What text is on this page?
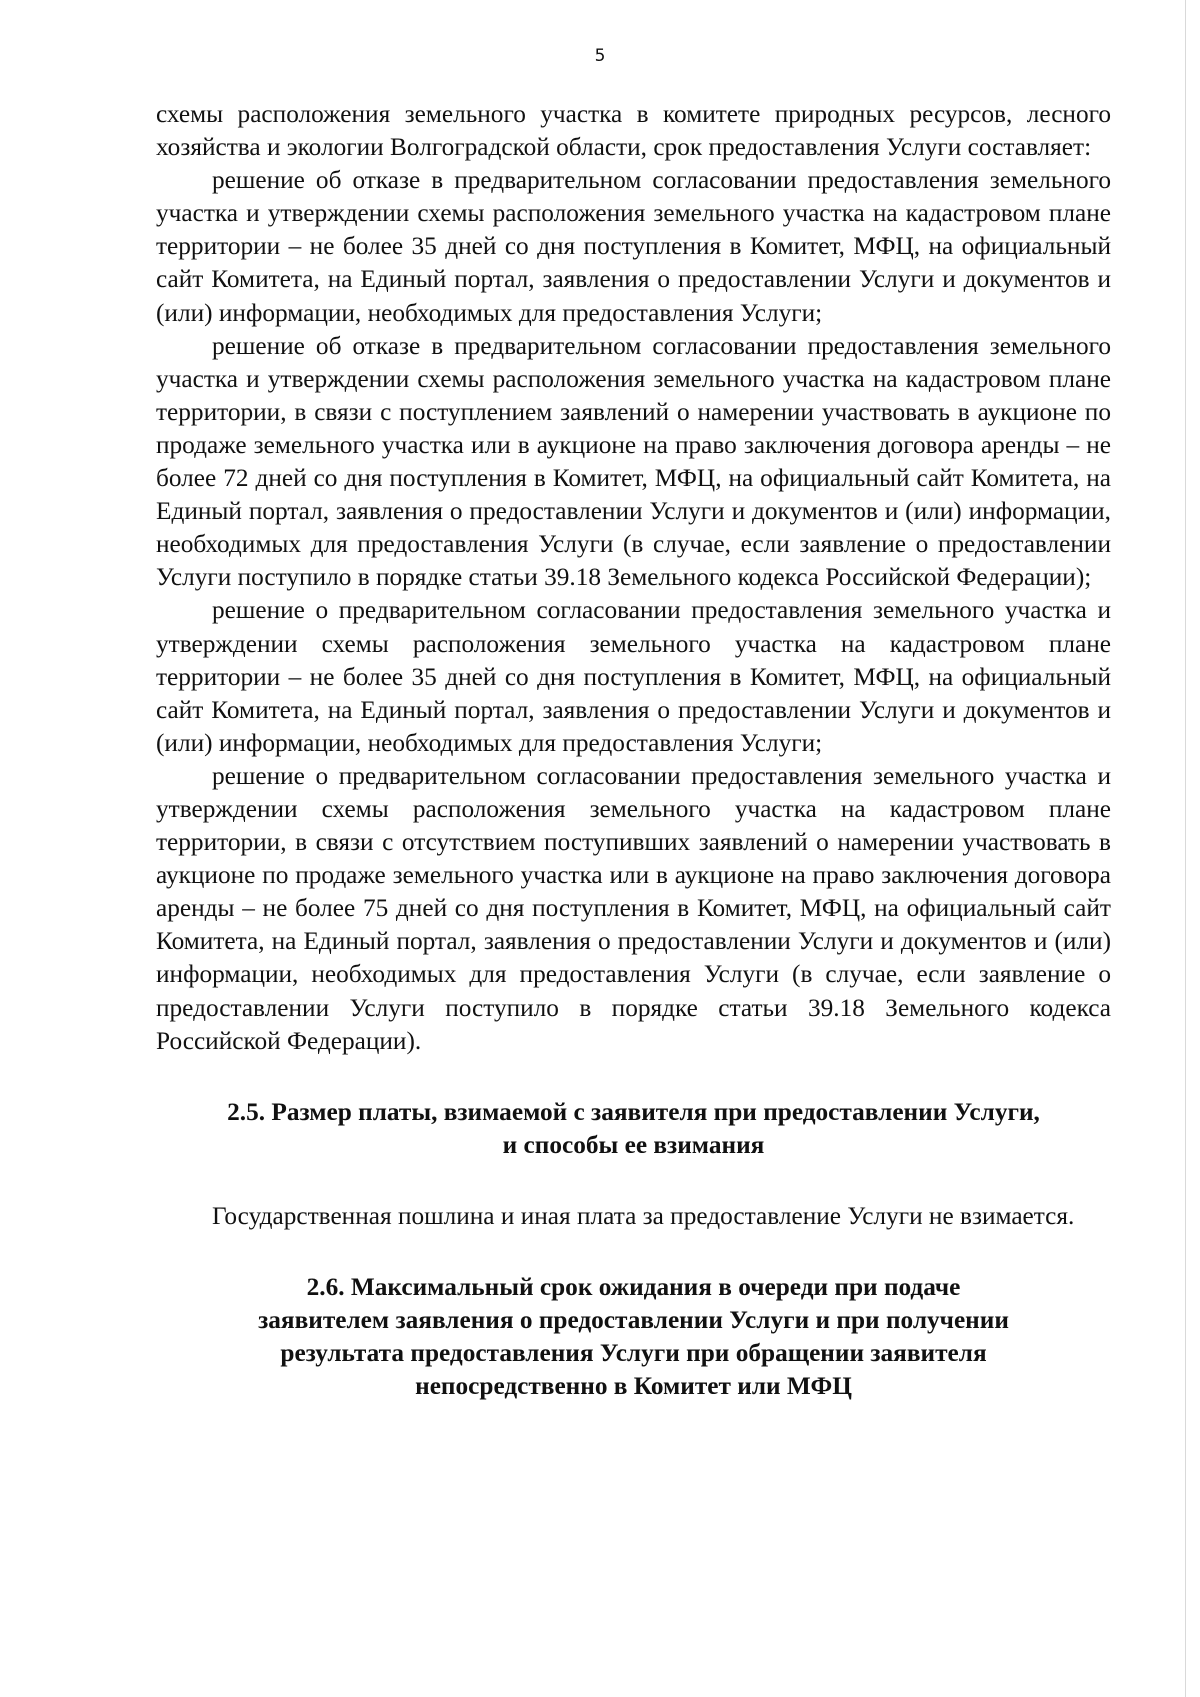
5

схемы расположения земельного участка в комитете природных ресурсов, лесного хозяйства и экологии Волгоградской области, срок предоставления Услуги составляет:

решение об отказе в предварительном согласовании предоставления земельного участка и утверждении схемы расположения земельного участка на кадастровом плане территории – не более 35 дней со дня поступления в Комитет, МФЦ, на официальный сайт Комитета, на Единый портал, заявления о предоставлении Услуги и документов и (или) информации, необходимых для предоставления Услуги;

решение об отказе в предварительном согласовании предоставления земельного участка и утверждении схемы расположения земельного участка на кадастровом плане территории, в связи с поступлением заявлений о намерении участвовать в аукционе по продаже земельного участка или в аукционе на право заключения договора аренды – не более 72 дней со дня поступления в Комитет, МФЦ, на официальный сайт Комитета, на Единый портал, заявления о предоставлении Услуги и документов и (или) информации, необходимых для предоставления Услуги (в случае, если заявление о предоставлении Услуги поступило в порядке статьи 39.18 Земельного кодекса Российской Федерации);

решение о предварительном согласовании предоставления земельного участка и утверждении схемы расположения земельного участка на кадастровом плане территории – не более 35 дней со дня поступления в Комитет, МФЦ, на официальный сайт Комитета, на Единый портал, заявления о предоставлении Услуги и документов и (или) информации, необходимых для предоставления Услуги;

решение о предварительном согласовании предоставления земельного участка и утверждении схемы расположения земельного участка на кадастровом плане территории, в связи с отсутствием поступивших заявлений о намерении участвовать в аукционе по продаже земельного участка или в аукционе на право заключения договора аренды – не более 75 дней со дня поступления в Комитет, МФЦ, на официальный сайт Комитета, на Единый портал, заявления о предоставлении Услуги и документов и (или) информации, необходимых для предоставления Услуги (в случае, если заявление о предоставлении Услуги поступило в порядке статьи 39.18 Земельного кодекса Российской Федерации).

2.5. Размер платы, взимаемой с заявителя при предоставлении Услуги,
и способы ее взимания

Государственная пошлина и иная плата за предоставление Услуги не взимается.

2.6. Максимальный срок ожидания в очереди при подаче
заявителем заявления о предоставлении Услуги и при получении
результата предоставления Услуги при обращении заявителя
непосредственно в Комитет или МФЦ
